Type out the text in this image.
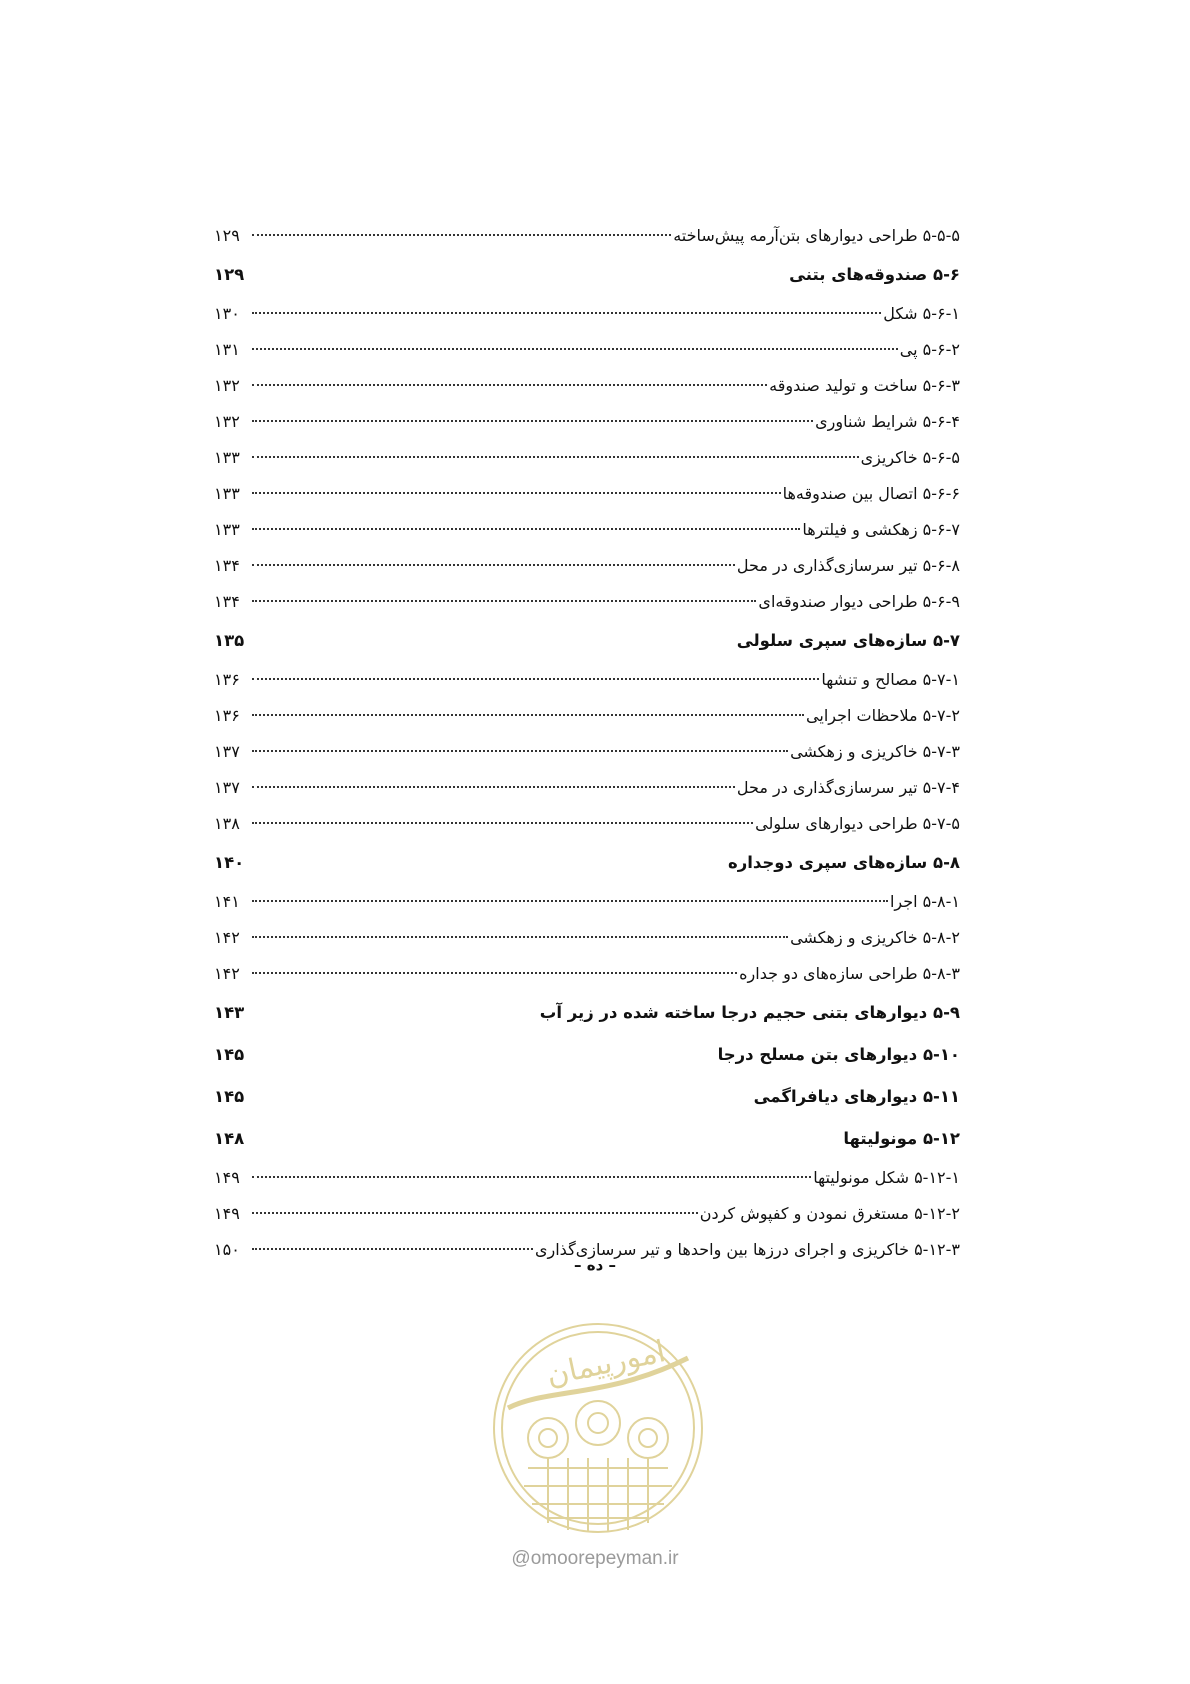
۵-۵-۵ طراحی دیوارهای بتن‌آرمه پیش‌ساخته
۱۲۹
۵-۶ صندوقه‌های بتنی
۱۲۹
۵-۶-۱ شکل
۱۳۰
۵-۶-۲ پی
۱۳۱
۵-۶-۳ ساخت و تولید صندوقه
۱۳۲
۵-۶-۴ شرایط شناوری
۱۳۲
۵-۶-۵ خاکریزی
۱۳۳
۵-۶-۶ اتصال بین صندوقه‌ها
۱۳۳
۵-۶-۷ زهکشی و فیلترها
۱۳۳
۵-۶-۸ تیر سرسازی‌گذاری در محل
۱۳۴
۵-۶-۹ طراحی دیوار صندوقه‌ای
۱۳۴
۵-۷ سازه‌های سپری سلولی
۱۳۵
۵-۷-۱ مصالح و تنشها
۱۳۶
۵-۷-۲ ملاحظات اجرایی
۱۳۶
۵-۷-۳ خاکریزی و زهکشی
۱۳۷
۵-۷-۴ تیر سرسازی‌گذاری در محل
۱۳۷
۵-۷-۵ طراحی دیوارهای سلولی
۱۳۸
۵-۸ سازه‌های سپری دوجداره
۱۴۰
۵-۸-۱ اجرا
۱۴۱
۵-۸-۲ خاکریزی و زهکشی
۱۴۲
۵-۸-۳ طراحی سازه‌های دو جداره
۱۴۲
۵-۹ دیوارهای بتنی حجیم درجا ساخته شده در زیر آب
۱۴۳
۵-۱۰ دیوارهای بتن مسلح درجا
۱۴۵
۵-۱۱ دیوارهای دیافراگمی
۱۴۵
۵-۱۲ مونولیتها
۱۴۸
۵-۱۲-۱ شکل مونولیتها
۱۴۹
۵-۱۲-۲ مستغرق نمودن و کفپوش کردن
۱۴۹
۵-۱۲-۳ خاکریزی و اجرای درزها بین واحدها و تیر سرسازی‌گذاری
۱۵۰
– ده –
امورپیمان
@omoorepeyman.ir
